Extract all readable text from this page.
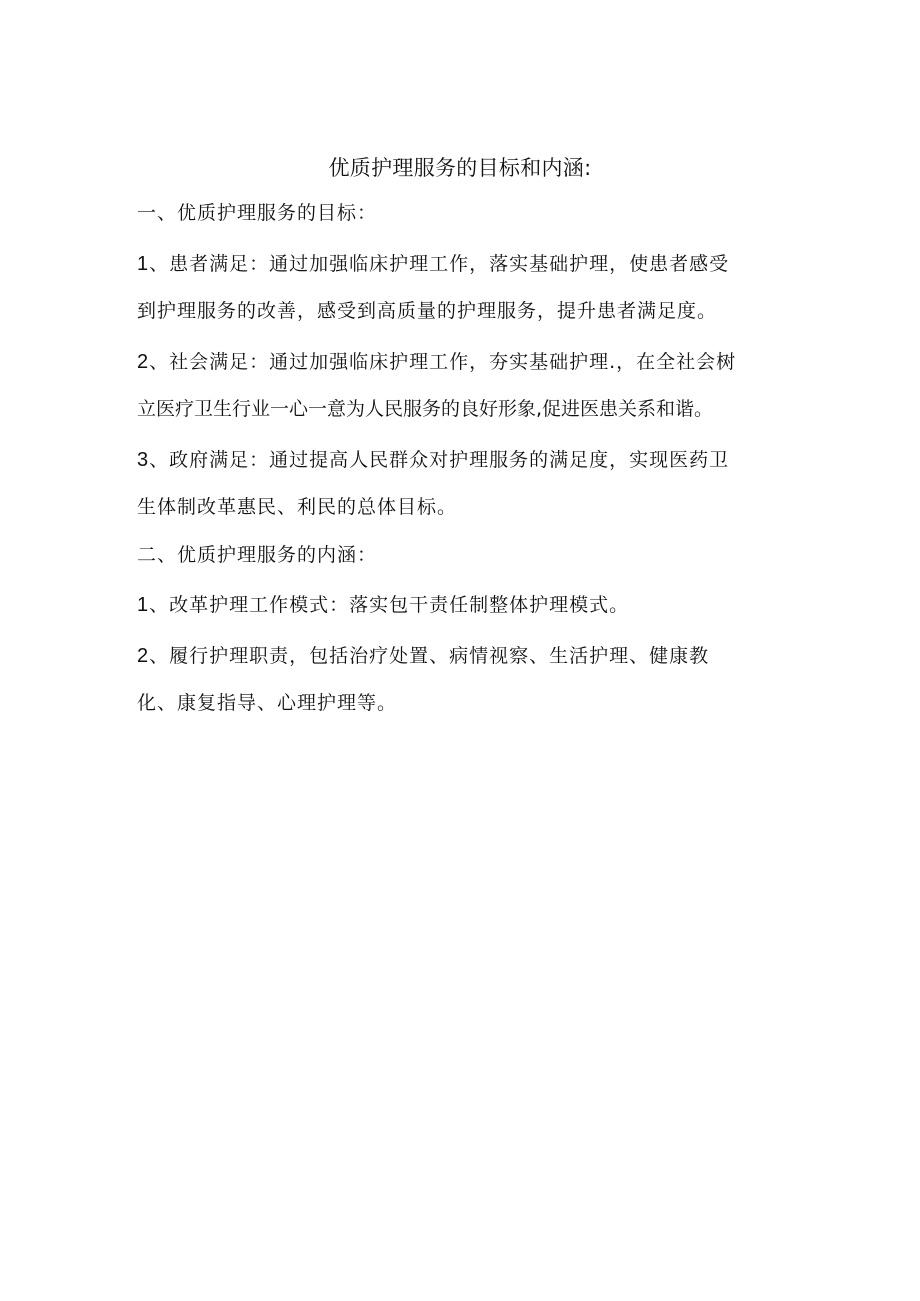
优质护理服务的目标和内涵:

一、优质护理服务的目标：

1、患者满足：通过加强临床护理工作，落实基础护理，使患者感受

到护理服务的改善，感受到高质量的护理服务，提升患者满足度。

2、社会满足：通过加强临床护理工作，夯实基础护理.，在全社会树

立医疗卫生行业一心一意为人民服务的良好形象,促进医患关系和谐。

3、政府满足：通过提高人民群众对护理服务的满足度，实现医药卫

生体制改革惠民、利民的总体目标。

二、优质护理服务的内涵：

1、改革护理工作模式：落实包干责任制整体护理模式。

2、履行护理职责，包括治疗处置、病情视察、生活护理、健康教

化、康复指导、心理护理等。
